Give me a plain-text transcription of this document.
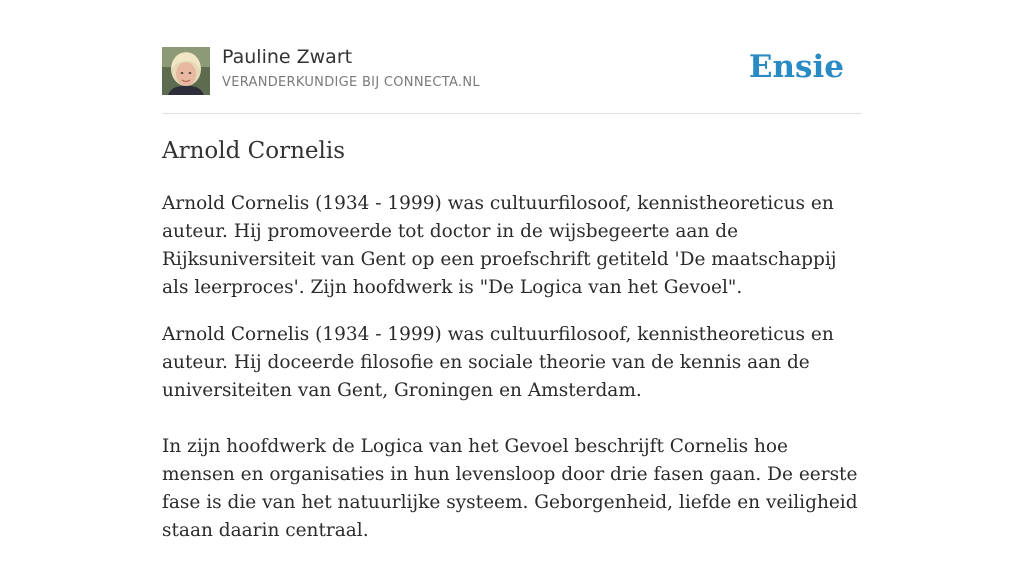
Pauline Zwart
VERANDERKUNDIGE BIJ CONNECTA.NL	Ensie
Arnold Cornelis

Arnold Cornelis (1934 - 1999) was cultuurfilosoof, kennistheoreticus en auteur. Hij promoveerde tot doctor in de wijsbegeerte aan de Rijksuniversiteit van Gent op een proefschrift getiteld 'De maatschappij als leerproces'. Zijn hoofdwerk is "De Logica van het Gevoel".

Arnold Cornelis (1934 - 1999) was cultuurfilosoof, kennistheoreticus en auteur. Hij doceerde filosofie en sociale theorie van de kennis aan de universiteiten van Gent, Groningen en Amsterdam.

In zijn hoofdwerk de Logica van het Gevoel beschrijft Cornelis hoe mensen en organisaties in hun levensloop door drie fasen gaan. De eerste fase is die van het natuurlijke systeem. Geborgenheid, liefde en veiligheid staan daarin centraal.
